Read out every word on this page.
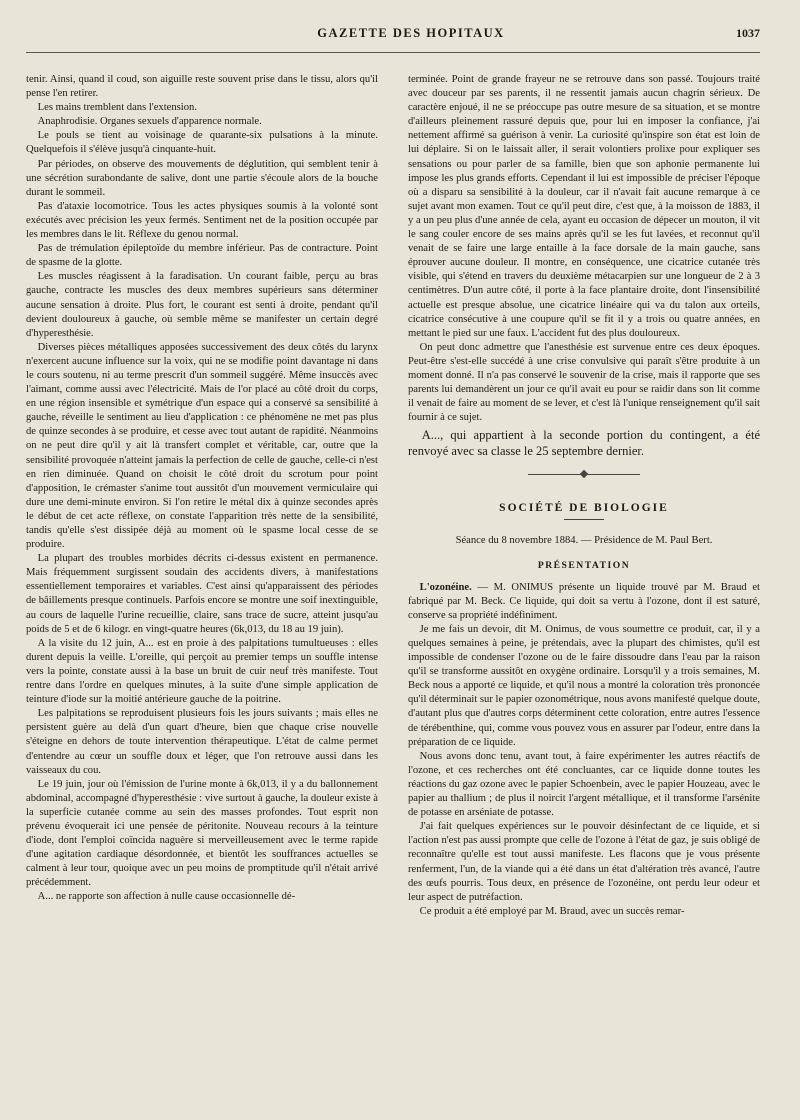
GAZETTE DES HOPITAUX	1037

tenir. Ainsi, quand il coud, son aiguille reste souvent prise dans le tissu, alors qu'il pense l'en retirer.

Les mains tremblent dans l'extension.

Anaphrodisie. Organes sexuels d'apparence normale.

Le pouls se tient au voisinage de quarante-six pulsations à la minute. Quelquefois il s'élève jusqu'à cinquante-huit.

Par périodes, on observe des mouvements de déglutition, qui semblent tenir à une sécrétion surabondante de salive, dont une partie s'écoule alors de la bouche durant le sommeil.

Pas d'ataxie locomotrice. Tous les actes physiques soumis à la volonté sont exécutés avec précision les yeux fermés. Sentiment net de la position occupée par les membres dans le lit. Réflexe du genou normal.

Pas de trémulation épileptoïde du membre inférieur. Pas de contracture. Point de spasme de la glotte.

Les muscles réagissent à la faradisation. Un courant faible, perçu au bras gauche, contracte les muscles des deux membres supérieurs sans déterminer aucune sensation à droite. Plus fort, le courant est senti à droite, pendant qu'il devient douloureux à gauche, où semble même se manifester un certain degré d'hyperesthésie.

Diverses pièces métalliques apposées successivement des deux côtés du larynx n'exercent aucune influence sur la voix, qui ne se modifie point davantage ni dans le cours soutenu, ni au terme prescrit d'un sommeil suggéré. Même insuccès avec l'aimant, comme aussi avec l'électricité. Mais de l'or placé au côté droit du corps, en une région insensible et symétrique d'un espace qui a conservé sa sensibilité à gauche, réveille le sentiment au lieu d'application : ce phénomène ne met pas plus de quinze secondes à se produire, et cesse avec tout autant de rapidité. Néanmoins on ne peut dire qu'il y ait là transfert complet et véritable, car, outre que la sensibilité provoquée n'atteint jamais la perfection de celle de gauche, celle-ci n'est en rien diminuée. Quand on choisit le côté droit du scrotum pour point d'apposition, le crémaster s'anime tout aussitôt d'un mouvement vermiculaire qui dure une demi-minute environ. Si l'on retire le métal dix à quinze secondes après le début de cet acte réflexe, on constate l'apparition très nette de la sensibilité, tandis qu'elle s'est dissipée déjà au moment où le spasme local cesse de se produire.

La plupart des troubles morbides décrits ci-dessus existent en permanence. Mais fréquemment surgissent soudain des accidents divers, à manifestations essentiellement temporaires et variables. C'est ainsi qu'apparaissent des périodes de bâillements presque continuels. Parfois encore se montre une soif inextinguible, au cours de laquelle l'urine recueillie, claire, sans trace de sucre, atteint jusqu'au poids de 5 et de 6 kilogr. en vingt-quatre heures (6k,013, du 18 au 19 juin).

A la visite du 12 juin, A... est en proie à des palpitations tumultueuses : elles durent depuis la veille. L'oreille, qui perçoit au premier temps un souffle intense vers la pointe, constate aussi à la base un bruit de cuir neuf très manifeste. Tout rentre dans l'ordre en quelques minutes, à la suite d'une simple application de teinture d'iode sur la moitié antérieure gauche de la poitrine.

Les palpitations se reproduisent plusieurs fois les jours suivants ; mais elles ne persistent guère au delà d'un quart d'heure, bien que chaque crise nouvelle s'éteigne en dehors de toute intervention thérapeutique. L'état de calme permet d'entendre au cœur un souffle doux et léger, que l'on retrouve aussi dans les vaisseaux du cou.

Le 19 juin, jour où l'émission de l'urine monte à 6k,013, il y a du ballonnement abdominal, accompagné d'hyperesthésie : vive surtout à gauche, la douleur existe à la superficie cutanée comme au sein des masses profondes. Tout esprit non prévenu évoquerait ici une pensée de péritonite. Nouveau recours à la teinture d'iode, dont l'emploi coïncida naguère si merveilleusement avec le terme rapide d'une agitation cardiaque désordonnée, et bientôt les souffrances actuelles se calment à leur tour, quoique avec un peu moins de promptitude qu'il n'était arrivé précédemment.

A... ne rapporte son affection à nulle cause occasionnelle dé-

terminée. Point de grande frayeur ne se retrouve dans son passé. Toujours traité avec douceur par ses parents, il ne ressentit jamais aucun chagrin sérieux. De caractère enjoué, il ne se préoccupe pas outre mesure de sa situation, et se montre d'ailleurs pleinement rassuré depuis que, pour lui en imposer la confiance, j'ai nettement affirmé sa guérison à venir. La curiosité qu'inspire son état est loin de lui déplaire. Si on le laissait aller, il serait volontiers prolixe pour expliquer ses sensations ou pour parler de sa famille, bien que son aphonie permanente lui impose les plus grands efforts. Cependant il lui est impossible de préciser l'époque où a disparu sa sensibilité à la douleur, car il n'avait fait aucune remarque à ce sujet avant mon examen. Tout ce qu'il peut dire, c'est que, à la moisson de 1883, il y a un peu plus d'une année de cela, ayant eu occasion de dépecer un mouton, il vit le sang couler encore de ses mains après qu'il se les fut lavées, et reconnut qu'il venait de se faire une large entaille à la face dorsale de la main gauche, sans éprouver aucune douleur. Il montre, en conséquence, une cicatrice cutanée très visible, qui s'étend en travers du deuxième métacarpien sur une longueur de 2 à 3 centimètres. D'un autre côté, il porte à la face plantaire droite, dont l'insensibilité actuelle est presque absolue, une cicatrice linéaire qui va du talon aux orteils, cicatrice consécutive à une coupure qu'il se fit il y a trois ou quatre années, en mettant le pied sur une faux. L'accident fut des plus douloureux.

On peut donc admettre que l'anesthésie est survenue entre ces deux époques. Peut-être s'est-elle succédé à une crise convulsive qui paraît s'être produite à un moment donné. Il n'a pas conservé le souvenir de la crise, mais il rapporte que ses parents lui demandèrent un jour ce qu'il avait eu pour se raidir dans son lit comme il venait de faire au moment de se lever, et c'est là l'unique renseignement qu'il sait fournir à ce sujet.

A..., qui appartient à la seconde portion du contingent, a été renvoyé avec sa classe le 25 septembre dernier.

SOCIÉTÉ DE BIOLOGIE
Séance du 8 novembre 1884. — Présidence de M. Paul Bert.
PRÉSENTATION

L'ozonéine. — M. ONIMUS présente un liquide trouvé par M. Braud et fabriqué par M. Beck. Ce liquide, qui doit sa vertu à l'ozone, dont il est saturé, conserve sa propriété indéfiniment.

Je me fais un devoir, dit M. Onimus, de vous soumettre ce produit, car, il y a quelques semaines à peine, je prétendais, avec la plupart des chimistes, qu'il est impossible de condenser l'ozone ou de le faire dissoudre dans l'eau par la raison qu'il se transforme aussitôt en oxygène ordinaire. Lorsqu'il y a trois semaines, M. Beck nous a apporté ce liquide, et qu'il nous a montré la coloration très prononcée qu'il déterminait sur le papier ozonométrique, nous avons manifesté quelque doute, d'autant plus que d'autres corps déterminent cette coloration, entre autres l'essence de térébenthine, qui, comme vous pouvez vous en assurer par l'odeur, entre dans la préparation de ce liquide.

Nous avons donc tenu, avant tout, à faire expérimenter les autres réactifs de l'ozone, et ces recherches ont été concluantes, car ce liquide donne toutes les réactions du gaz ozone avec le papier Schoenbein, avec le papier Houzeau, avec le papier au thallium ; de plus il noircit l'argent métallique, et il transforme l'arsénite de potasse en arséniate de potasse.

J'ai fait quelques expériences sur le pouvoir désinfectant de ce liquide, et si l'action n'est pas aussi prompte que celle de l'ozone à l'état de gaz, je suis obligé de reconnaître qu'elle est tout aussi manifeste. Les flacons que je vous présente renferment, l'un, de la viande qui a été dans un état d'altération très avancé, l'autre des œufs pourris. Tous deux, en présence de l'ozonéine, ont perdu leur odeur et leur aspect de putréfaction.

Ce produit a été employé par M. Braud, avec un succès remar-
